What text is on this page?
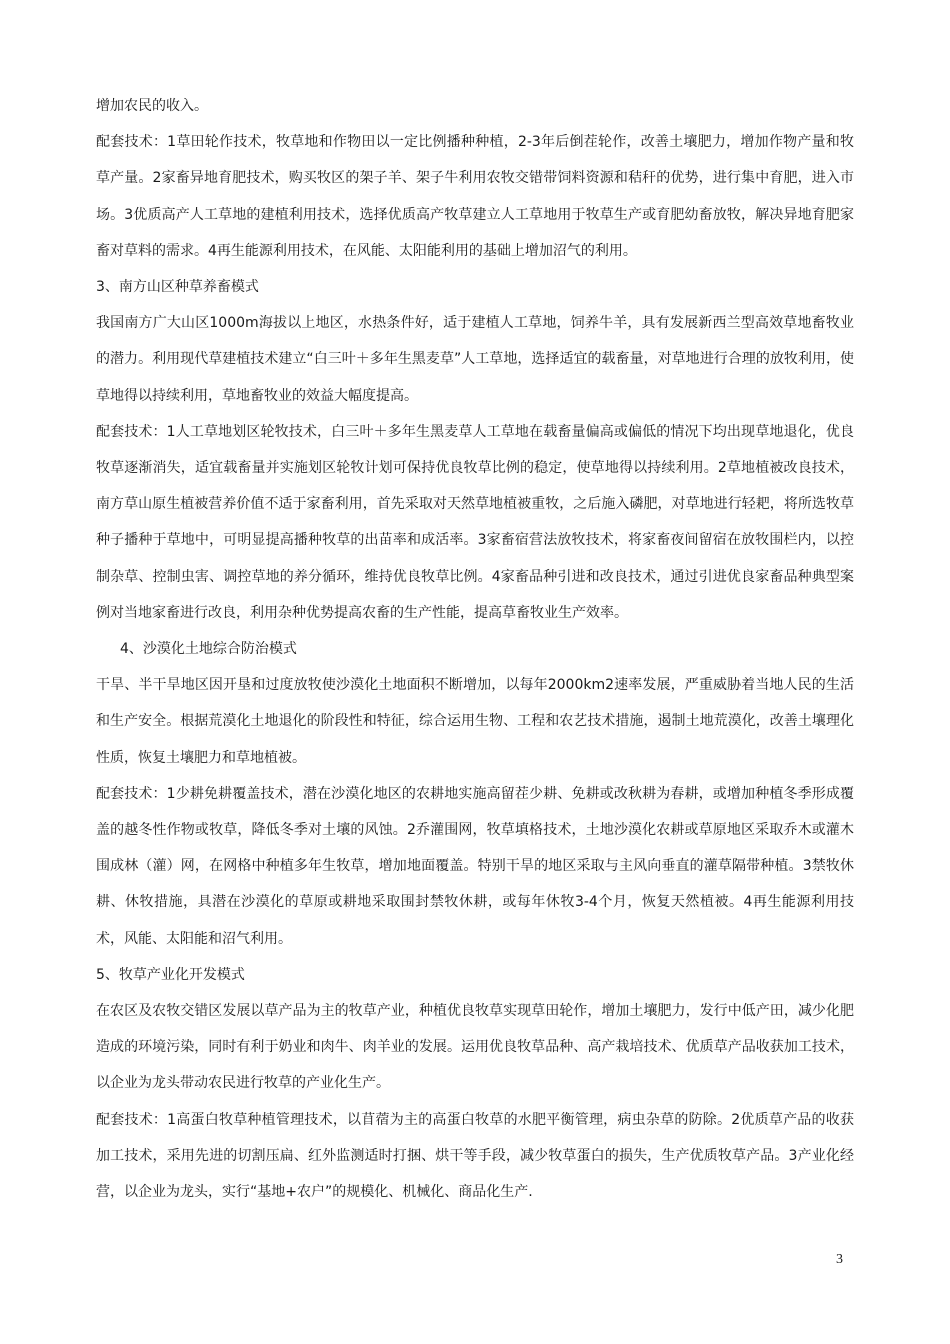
增加农民的收入。

配套技术：1草田轮作技术，牧草地和作物田以一定比例播种种植，2-3年后倒茬轮作，改善土壤肥力，增加作物产量和牧草产量。2家畜异地育肥技术，购买牧区的架子羊、架子牛利用农牧交错带饲料资源和秸秆的优势，进行集中育肥，进入市场。3优质高产人工草地的建植利用技术，选择优质高产牧草建立人工草地用于牧草生产或育肥幼畜放牧，解决异地育肥家畜对草料的需求。4再生能源利用技术，在风能、太阳能利用的基础上增加沼气的利用。

3、南方山区种草养畜模式

我国南方广大山区1000m海拔以上地区，水热条件好，适于建植人工草地，饲养牛羊，具有发展新西兰型高效草地畜牧业的潜力。利用现代草建植技术建立“白三叶＋多年生黑麦草”人工草地，选择适宜的载畜量，对草地进行合理的放牧利用，使草地得以持续利用，草地畜牧业的效益大幅度提高。

配套技术：1人工草地划区轮牧技术，白三叶＋多年生黑麦草人工草地在载畜量偏高或偏低的情况下均出现草地退化，优良牧草逐渐消失，适宜载畜量并实施划区轮牧计划可保持优良牧草比例的稳定，使草地得以持续利用。2草地植被改良技术，南方草山原生植被营养价值不适于家畜利用，首先采取对天然草地植被重牧，之后施入磷肥，对草地进行轻耙，将所选牧草种子播种于草地中，可明显提高播种牧草的出苗率和成活率。3家畜宿营法放牧技术，将家畜夜间留宿在放牧围栏内，以控制杂草、控制虫害、调控草地的养分循环，维持优良牧草比例。4家畜品种引进和改良技术，通过引进优良家畜品种典型案例对当地家畜进行改良，利用杂种优势提高农畜的生产性能，提高草畜牧业生产效率。

4、沙漠化土地综合防治模式

干旱、半干旱地区因开垦和过度放牧使沙漠化土地面积不断增加，以每年2000km2速率发展，严重威胁着当地人民的生活和生产安全。根据荒漠化土地退化的阶段性和特征，综合运用生物、工程和农艺技术措施，遏制土地荒漠化，改善土壤理化性质，恢复土壤肥力和草地植被。

配套技术：1少耕免耕覆盖技术，潜在沙漠化地区的农耕地实施高留茬少耕、免耕或改秋耕为春耕，或增加种植冬季形成覆盖的越冬性作物或牧草，降低冬季对土壤的风蚀。2乔灌围网，牧草填格技术，土地沙漠化农耕或草原地区采取乔木或灌木围成林（灌）网，在网格中种植多年生牧草，增加地面覆盖。特别干旱的地区采取与主风向垂直的灌草隔带种植。3禁牧休耕、休牧措施，具潜在沙漠化的草原或耕地采取围封禁牧休耕，或每年休牧3-4个月，恢复天然植被。4再生能源利用技术，风能、太阳能和沼气利用。

5、牧草产业化开发模式

在农区及农牧交错区发展以草产品为主的牧草产业，种植优良牧草实现草田轮作，增加土壤肥力，发行中低产田，减少化肥造成的环境污染，同时有利于奶业和肉牛、肉羊业的发展。运用优良牧草品种、高产栽培技术、优质草产品收获加工技术，以企业为龙头带动农民进行牧草的产业化生产。

配套技术：1高蛋白牧草种植管理技术，以苜蓿为主的高蛋白牧草的水肥平衡管理，病虫杂草的防除。2优质草产品的收获加工技术，采用先进的切割压扁、红外监测适时打捆、烘干等手段，减少牧草蛋白的损失，生产优质牧草产品。3产业化经营，以企业为龙头，实行“基地+农户”的规模化、机械化、商品化生产.

3
